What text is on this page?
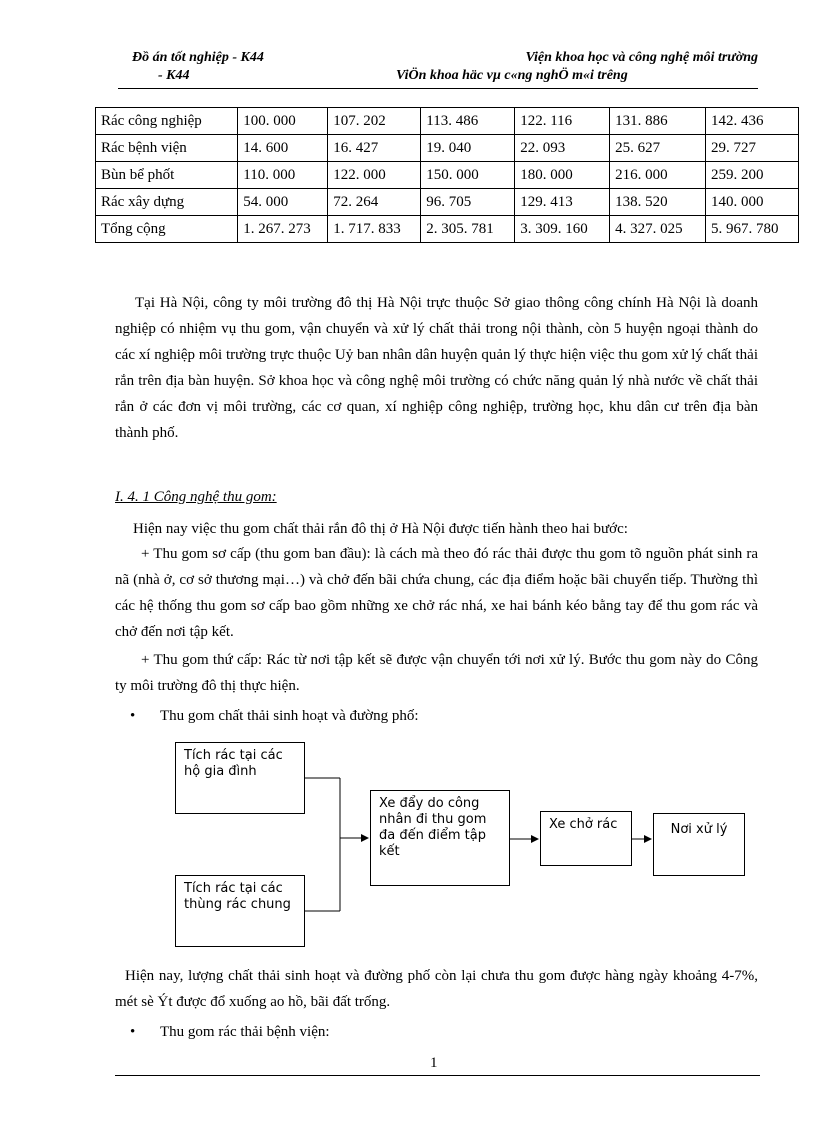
Đồ án tốt nghiệp - K44
- K44
Viện khoa học và công nghệ môi trường
ViÖn khoa häc vµ c«ng nghÖ m«i trêng
Rác công nghiệp	100. 000	107. 202	113. 486	122. 116	131. 886	142. 436
Rác bệnh viện	14. 600	16. 427	19. 040	22. 093	25. 627	29. 727
Bùn bể phốt	110. 000	122. 000	150. 000	180. 000	216. 000	259. 200
Rác xây dựng	54. 000	72. 264	96. 705	129. 413	138. 520	140. 000
Tổng cộng	1. 267. 273	1. 717. 833	2. 305. 781	3. 309. 160	4. 327. 025	5. 967. 780

Tại Hà Nội, công ty môi trường đô thị Hà Nội trực thuộc Sở giao thông công chính Hà Nội là doanh nghiệp có nhiệm vụ thu gom, vận chuyển và xử lý chất thải trong nội thành, còn 5 huyện ngoại thành do các xí nghiệp môi trường trực thuộc Uỷ ban nhân dân huyện quản lý thực hiện việc thu gom xử lý chất thải rắn trên địa bàn huyện. Sở khoa học và công nghệ môi trường có chức năng quản lý nhà nước về chất thải rắn ở các đơn vị môi trường, các cơ quan, xí nghiệp công nghiệp, trường học, khu dân cư trên địa bàn thành phố.

I. 4. 1 Công nghệ thu gom:

Hiện nay việc thu gom chất thải rắn đô thị ở Hà Nội được tiến hành theo hai bước:

+ Thu gom sơ cấp (thu gom ban đầu): là cách mà theo đó rác thải được thu gom tõ nguồn phát sinh ra nã (nhà ở, cơ sở thương mại…) và chở đến bãi chứa chung, các địa điểm hoặc bãi chuyển tiếp. Thường thì các hệ thống thu gom sơ cấp bao gồm những xe chở rác nhá, xe hai bánh kéo bằng tay để thu gom rác và chở đến nơi tập kết.

+ Thu gom thứ cấp: Rác từ nơi tập kết sẽ được vận chuyển tới nơi xử lý. Bước thu gom này do Công ty môi trường đô thị thực hiện.

• Thu gom chất thải sinh hoạt và đường phố:
Tích rác tại các hộ gia đình
Tích rác tại các thùng rác chung
Xe đẩy do công nhân đi thu gom đa đến điểm tập kết
Xe chở rác	Nơi xử lý

Hiện nay, lượng chất thải sinh hoạt và đường phố còn lại chưa thu gom được hàng ngày khoảng 4-7%, mét sè Ýt được đổ xuống ao hồ, bãi đất trống.

• Thu gom rác thải bệnh viện:
1
